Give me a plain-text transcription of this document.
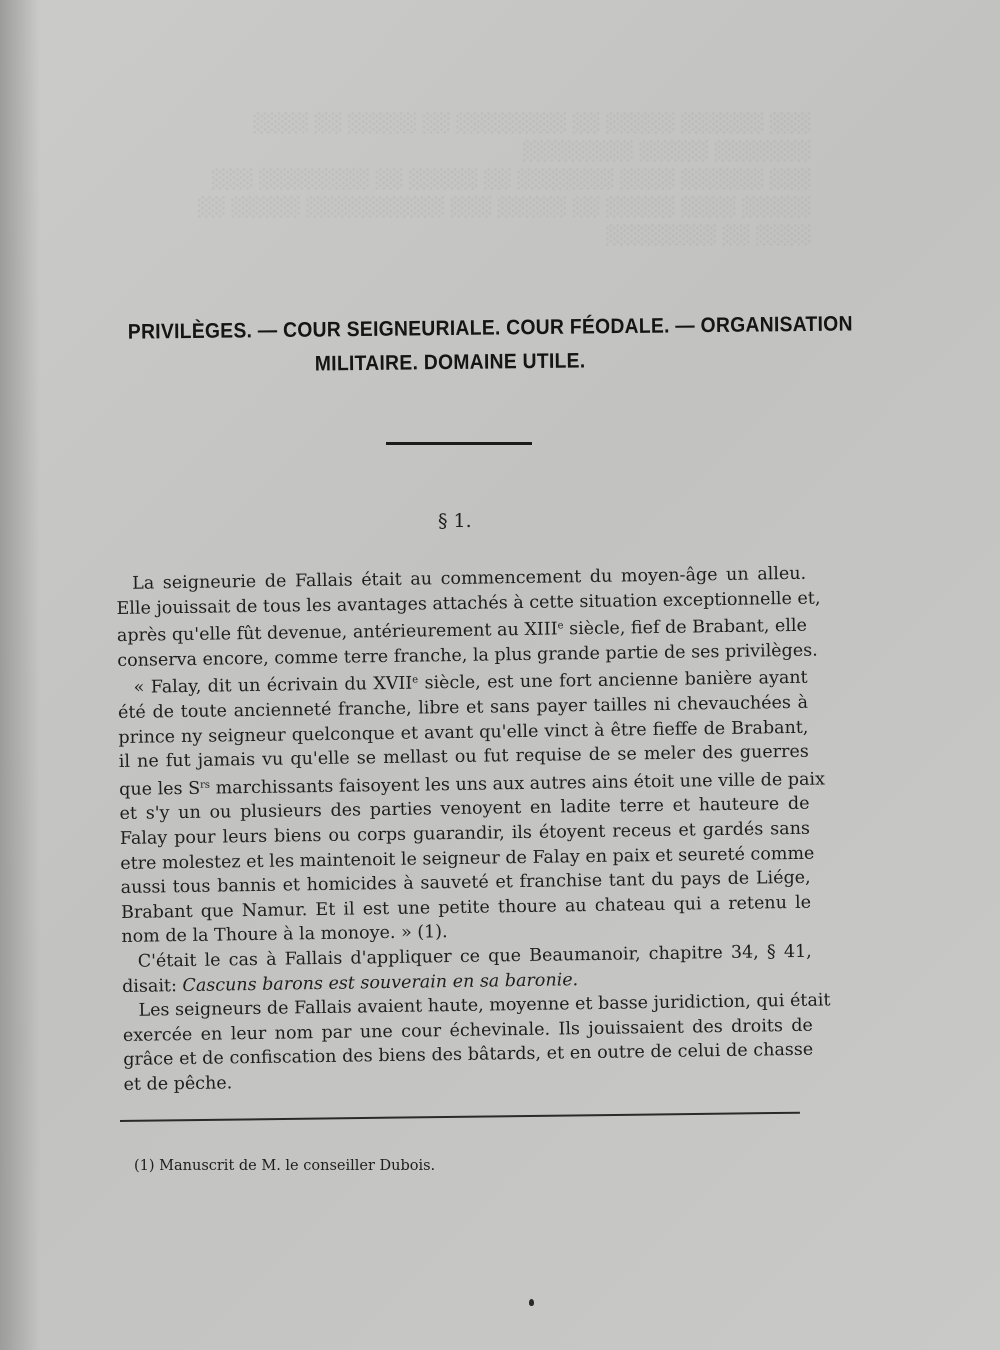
░░░ ░░░░░░ ░░░░░ ░░ ░░░░░░░░ ░░ ░░░░░ ░░ ░░░░
░░░░░░░ ░░░░░ ░░░░░░░░
░░░ ░░░░░░ ░░░░ ░░░░░░░ ░░ ░░░░░ ░░ ░░░░░░░░ ░░░
░░░░░ ░░░░ ░░░░░ ░░ ░░░░░ ░░░ ░░░░░░░░░░ ░░░░░ ░░
░░░░ ░░ ░░░░░░░░
PRIVILÈGES. — COUR SEIGNEURIALE. COUR FÉODALE. — ORGANISATION
MILITAIRE. DOMAINE UTILE.
§ 1.
La seigneurie de Fallais était au commencement du moyen-âge un alleu.
Elle jouissait de tous les avantages attachés à cette situation exceptionnelle et,
après qu'elle fût devenue, antérieurement au XIIIe siècle, fief de Brabant, elle
conserva encore, comme terre franche, la plus grande partie de ses privilèges.
« Falay, dit un écrivain du XVIIe siècle, est une fort ancienne banière ayant
été de toute ancienneté franche, libre et sans payer tailles ni chevauchées à
prince ny seigneur quelconque et avant qu'elle vinct à être fieffe de Brabant,
il ne fut jamais vu qu'elle se mellast ou fut requise de se meler des guerres
que les $S^{rs}$ marchissants faisoyent les uns aux autres ains étoit une ville de paix
et s'y un ou plusieurs des parties venoyent en ladite terre et hauteure de
Falay pour leurs biens ou corps guarandir, ils étoyent receus et gardés sans
etre molestez et les maintenoit le seigneur de Falay en paix et seureté comme
aussi tous bannis et homicides à sauveté et franchise tant du pays de Liége,
Brabant que Namur. Et il est une petite thoure au chateau qui a retenu le
nom de la Thoure à la monoye. » (1).
C'était le cas à Fallais d'appliquer ce que Beaumanoir, chapitre 34, § 41,
disait: Cascuns barons est souverain en sa baronie.
Les seigneurs de Fallais avaient haute, moyenne et basse juridiction, qui était
exercée en leur nom par une cour échevinale. Ils jouissaient des droits de
grâce et de confiscation des biens des bâtards, et en outre de celui de chasse
et de pêche.
(1) Manuscrit de M. le conseiller Dubois.
